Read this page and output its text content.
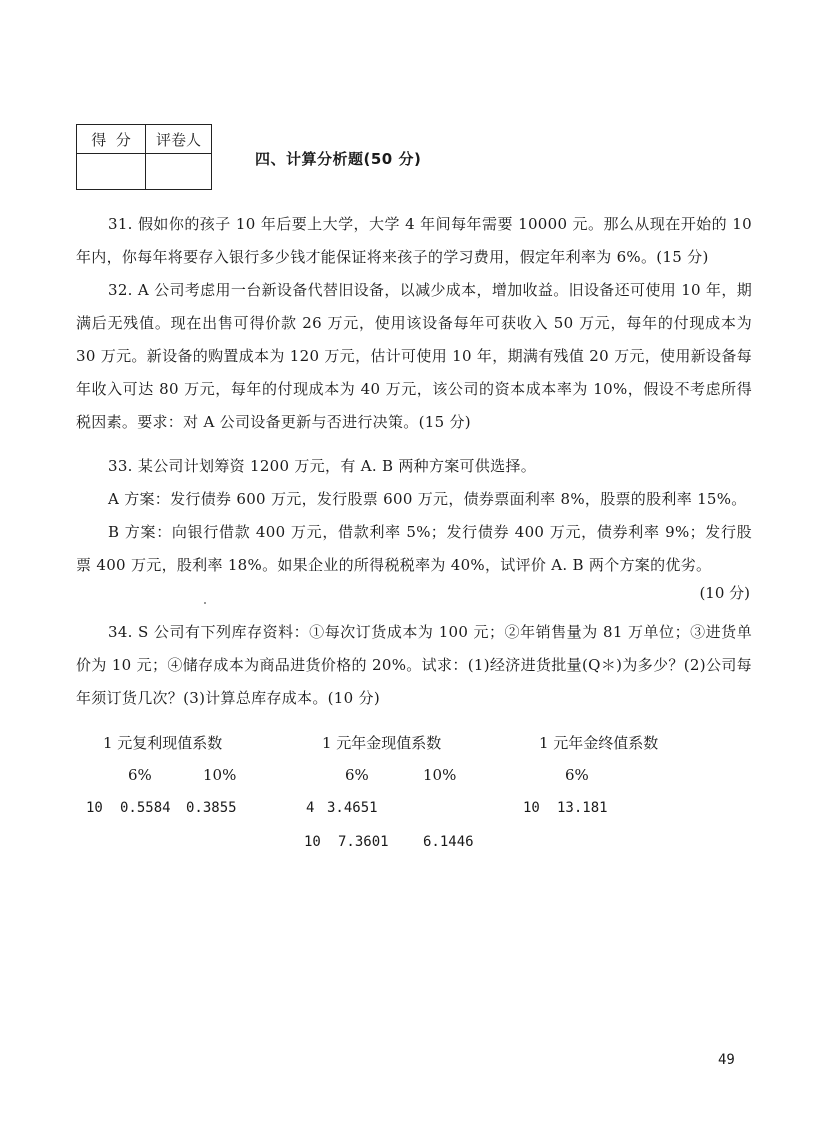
得  分	评卷人

四、计算分析题(50 分)

31. 假如你的孩子 10 年后要上大学，大学 4 年间每年需要 10000 元。那么从现在开始的 10 年内，你每年将要存入银行多少钱才能保证将来孩子的学习费用，假定年利率为 6%。(15 分)

32. A 公司考虑用一台新设备代替旧设备，以减少成本，增加收益。旧设备还可使用 10 年，期满后无残值。现在出售可得价款 26 万元，使用该设备每年可获收入 50 万元，每年的付现成本为 30 万元。新设备的购置成本为 120 万元，估计可使用 10 年，期满有残值 20 万元，使用新设备每年收入可达 80 万元，每年的付现成本为 40 万元，该公司的资本成本率为 10%，假设不考虑所得税因素。要求：对 A 公司设备更新与否进行决策。(15 分)

33. 某公司计划筹资 1200 万元，有 A. B 两种方案可供选择。

A 方案：发行债券 600 万元，发行股票 600 万元，债券票面利率 8%，股票的股利率 15%。

B 方案：向银行借款 400 万元，借款利率 5%；发行债券 400 万元，债券利率 9%；发行股票 400 万元，股利率 18%。如果企业的所得税税率为 40%，试评价 A. B 两个方案的优劣。

(10 分)

34. S 公司有下列库存资料：①每次订货成本为 100 元；②年销售量为 81 万单位；③进货单价为 10 元；④储存成本为商品进货价格的 20%。试求：(1)经济进货批量(Q＊)为多少？(2)公司每年须订货几次？(3)计算总库存成本。(10 分)

1 元复利现值系数
6%	10%
10 0.5584 0.3855
1 元年金现值系数
6%	10%
4 3.4651
10 7.3601 6.1446
1 元年金终值系数
6%
10 13.181
49
